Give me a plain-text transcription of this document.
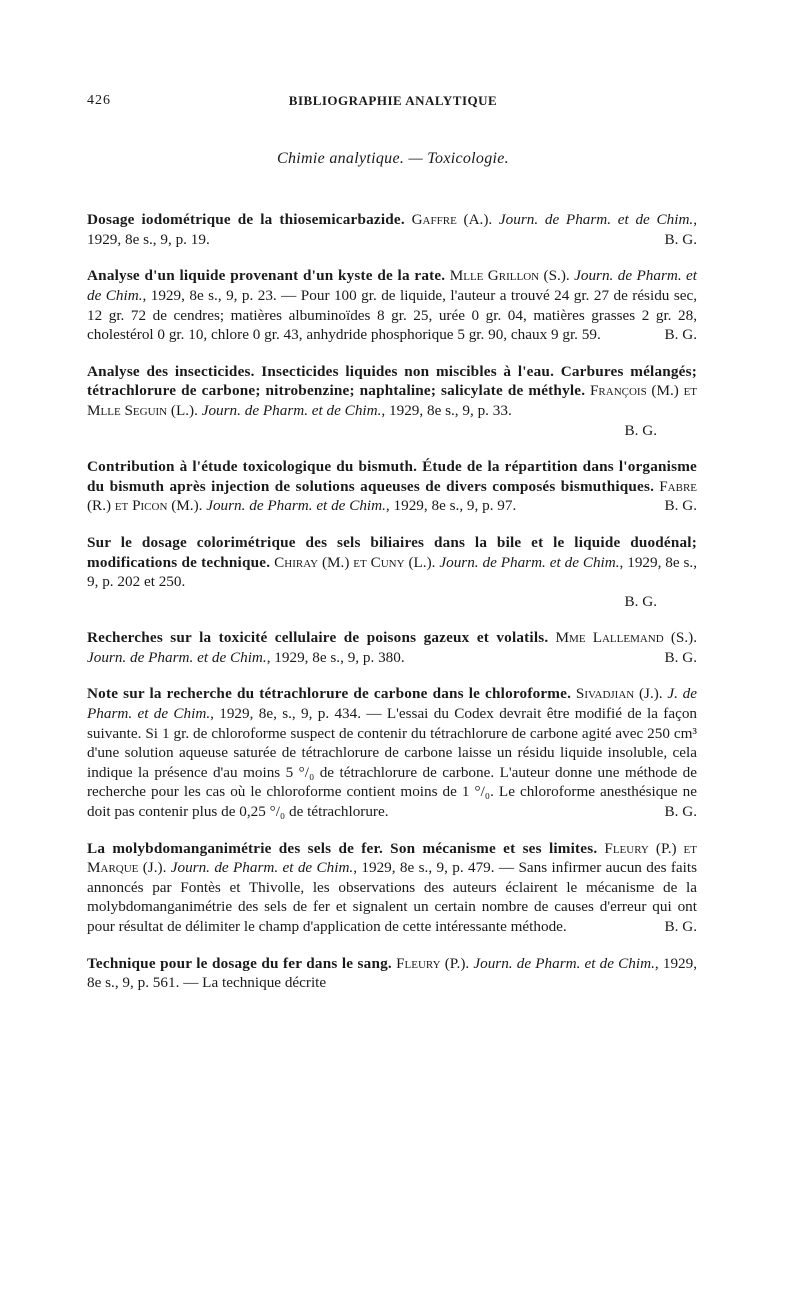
426	BIBLIOGRAPHIE ANALYTIQUE
Chimie analytique. — Toxicologie.

Dosage iodométrique de la thiosemicarbazide. Gaffre (A.). Journ. de Pharm. et de Chim., 1929, 8e s., 9, p. 19.	B. G.

Analyse d'un liquide provenant d'un kyste de la rate. Mlle Grillon (S.). Journ. de Pharm. et de Chim., 1929, 8e s., 9, p. 23. — Pour 100 gr. de liquide, l'auteur a trouvé 24 gr. 27 de résidu sec, 12 gr. 72 de cendres; matières albuminoïdes 8 gr. 25, urée 0 gr. 04, matières grasses 2 gr. 28, cholestérol 0 gr. 10, chlore 0 gr. 43, anhydride phosphorique 5 gr. 90, chaux 9 gr. 59.	B. G.

Analyse des insecticides. Insecticides liquides non miscibles à l'eau. Carbures mélangés; tétrachlorure de carbone; nitrobenzine; naphtaline; salicylate de méthyle. François (M.) et Mlle Seguin (L.). Journ. de Pharm. et de Chim., 1929, 8e s., 9, p. 33.
B. G.

Contribution à l'étude toxicologique du bismuth. Étude de la répartition dans l'organisme du bismuth après injection de solutions aqueuses de divers composés bismuthiques. Fabre (R.) et Picon (M.). Journ. de Pharm. et de Chim., 1929, 8e s., 9, p. 97.	B. G.

Sur le dosage colorimétrique des sels biliaires dans la bile et le liquide duodénal; modifications de technique. Chiray (M.) et Cuny (L.). Journ. de Pharm. et de Chim., 1929, 8e s., 9, p. 202 et 250.
B. G.

Recherches sur la toxicité cellulaire de poisons gazeux et volatils. Mme Lallemand (S.). Journ. de Pharm. et de Chim., 1929, 8e s., 9, p. 380.	B. G.

Note sur la recherche du tétrachlorure de carbone dans le chloroforme. Sivadjian (J.). J. de Pharm. et de Chim., 1929, 8e, s., 9, p. 434. — L'essai du Codex devrait être modifié de la façon suivante. Si 1 gr. de chloroforme suspect de contenir du tétrachlorure de carbone agité avec 250 cm³ d'une solution aqueuse saturée de tétrachlorure de carbone laisse un résidu liquide insoluble, cela indique la présence d'au moins 5 °/₀ de tétrachlorure de carbone. L'auteur donne une méthode de recherche pour les cas où le chloroforme contient moins de 1 °/₀. Le chloroforme anesthésique ne doit pas contenir plus de 0,25 °/₀ de tétrachlorure.	B. G.

La molybdomanganimétrie des sels de fer. Son mécanisme et ses limites. Fleury (P.) et Marque (J.). Journ. de Pharm. et de Chim., 1929, 8e s., 9, p. 479. — Sans infirmer aucun des faits annoncés par Fontès et Thivolle, les observations des auteurs éclairent le mécanisme de la molybdomanganimétrie des sels de fer et signalent un certain nombre de causes d'erreur qui ont pour résultat de délimiter le champ d'application de cette intéressante méthode.	B. G.

Technique pour le dosage du fer dans le sang. Fleury (P.). Journ. de Pharm. et de Chim., 1929, 8e s., 9, p. 561. — La technique décrite
